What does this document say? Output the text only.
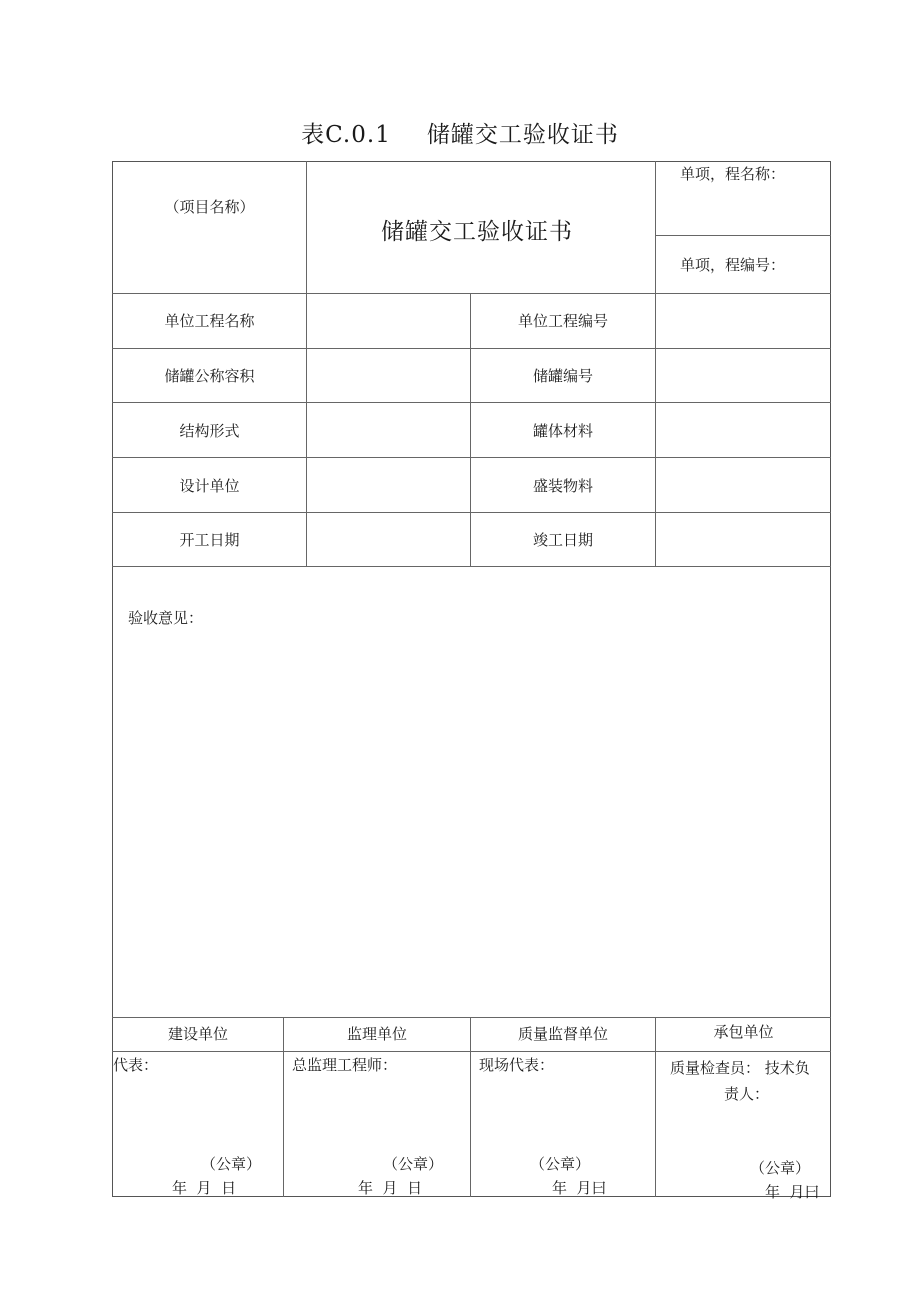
表C.0.1 储罐交工验收证书
（项目名称）
储罐交工验收证书
单项，程名称：
单项，程编号：
单位工程名称	单位工程编号
储罐公称容积	储罐编号
结构形式	罐体材料
设计单位	盛装物料
开工日期	竣工日期
验收意见：
建设单位	监理单位	质量监督单位	承包单位
代表：	总监理工程师：	现场代表：	质量检查员： 技术负
责人：
（公章）	（公章）	（公章）	（公章）
年  月  日	年  月  日	年  月曰	年  月曰
